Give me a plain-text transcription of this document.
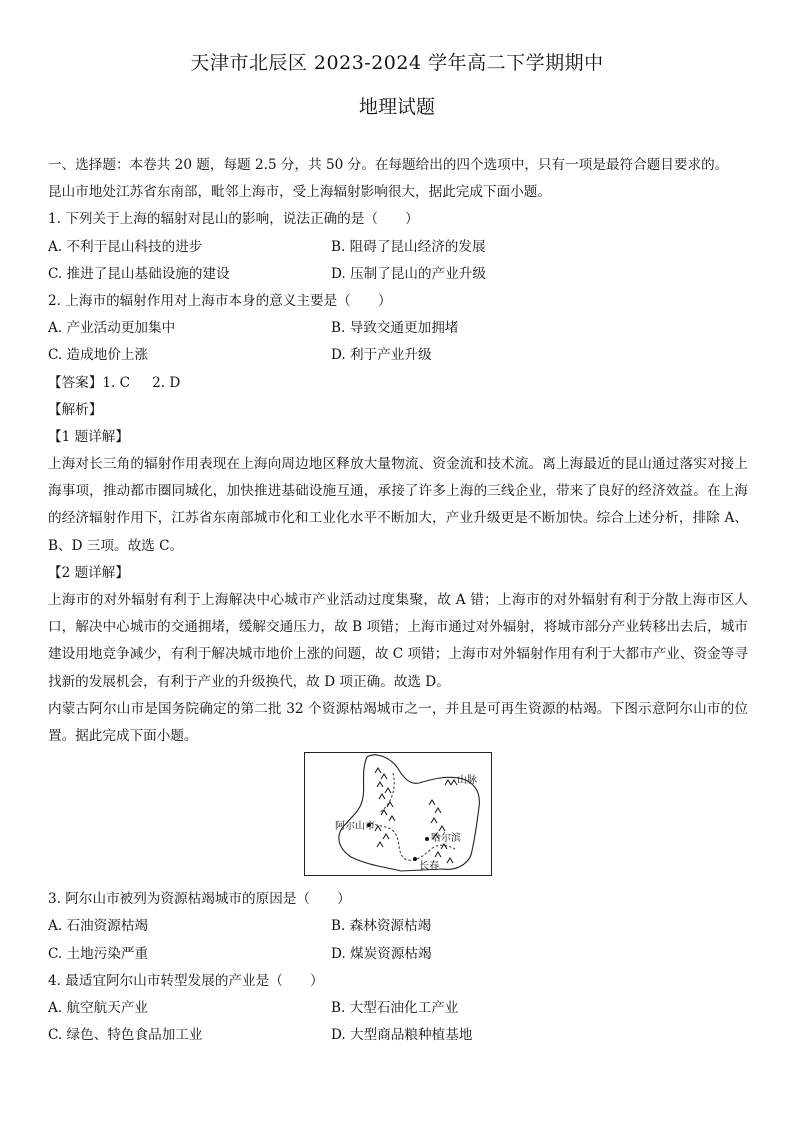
天津市北辰区 2023-2024 学年高二下学期期中
地理试题
一、选择题：本卷共 20 题，每题 2.5 分，共 50 分。在每题给出的四个选项中，只有一项是最符合题目要求的。
昆山市地处江苏省东南部，毗邻上海市，受上海辐射影响很大，据此完成下面小题。
1. 下列关于上海的辐射对昆山的影响，说法正确的是（　　）
A. 不利于昆山科技的进步	B. 阻碍了昆山经济的发展
C. 推进了昆山基础设施的建设	D. 压制了昆山的产业升级
2. 上海市的辐射作用对上海市本身的意义主要是（　　）
A. 产业活动更加集中	B. 导致交通更加拥堵
C. 造成地价上涨	D. 利于产业升级
【答案】1. C 2. D
【解析】
【1 题详解】
上海对长三角的辐射作用表现在上海向周边地区释放大量物流、资金流和技术流。离上海最近的昆山通过落实对接上海事项，推动都市圈同城化，加快推进基础设施互通，承接了许多上海的三线企业，带来了良好的经济效益。在上海的经济辐射作用下，江苏省东南部城市化和工业化水平不断加大，产业升级更是不断加快。综合上述分析，排除 A、B、D 三项。故选 C。
【2 题详解】
上海市的对外辐射有利于上海解决中心城市产业活动过度集聚，故 A 错；上海市的对外辐射有利于分散上海市区人口，解决中心城市的交通拥堵，缓解交通压力，故 B 项错；上海市通过对外辐射，将城市部分产业转移出去后，城市建设用地竞争减少，有利于解决城市地价上涨的问题，故 C 项错；上海市对外辐射作用有利于大都市产业、资金等寻找新的发展机会，有利于产业的升级换代，故 D 项正确。故选 D。
内蒙古阿尔山市是国务院确定的第二批 32 个资源枯竭城市之一，并且是可再生资源的枯竭。下图示意阿尔山市的位置。据此完成下面小题。
山脉
阿尔山市
哈尔滨
长春
3. 阿尔山市被列为资源枯竭城市的原因是（　　）
A. 石油资源枯竭	B. 森林资源枯竭
C. 土地污染严重	D. 煤炭资源枯竭
4. 最适宜阿尔山市转型发展的产业是（　　）
A. 航空航天产业	B. 大型石油化工产业
C. 绿色、特色食品加工业	D. 大型商品粮种植基地
